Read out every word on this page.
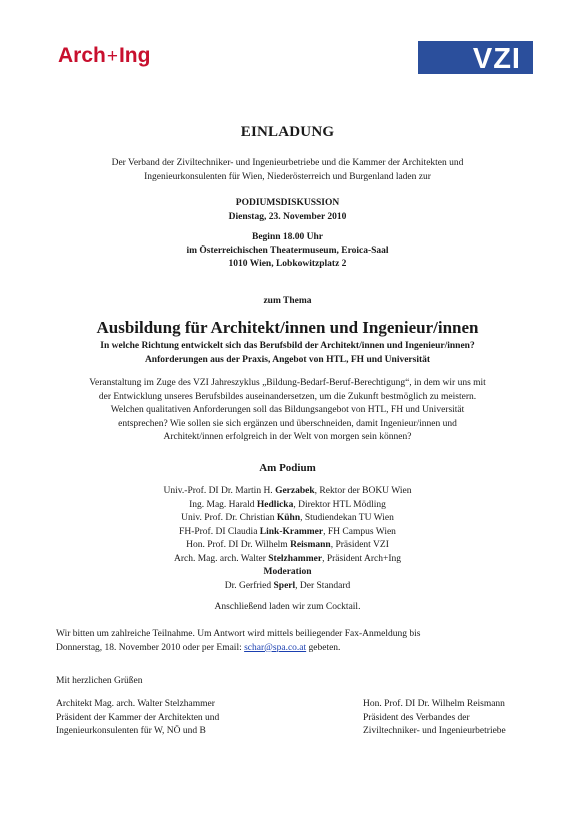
Arch+Ing	VZI
EINLADUNG
Der Verband der Ziviltechniker- und Ingenieurbetriebe und die Kammer der Architekten und
Ingenieurkonsulenten für Wien, Niederösterreich und Burgenland laden zur
PODIUMSDISKUSSION
Dienstag, 23. November 2010
Beginn 18.00 Uhr
im Österreichischen Theatermuseum, Eroica-Saal
1010 Wien, Lobkowitzplatz 2
zum Thema
Ausbildung für Architekt/innen und Ingenieur/innen
In welche Richtung entwickelt sich das Berufsbild der Architekt/innen und Ingenieur/innen?
Anforderungen aus der Praxis, Angebot von HTL, FH und Universität
Veranstaltung im Zuge des VZI Jahreszyklus „Bildung-Bedarf-Beruf-Berechtigung“, in dem wir uns mit
der Entwicklung unseres Berufsbildes auseinandersetzen, um die Zukunft bestmöglich zu meistern.
Welchen qualitativen Anforderungen soll das Bildungsangebot von HTL, FH und Universität
entsprechen? Wie sollen sie sich ergänzen und überschneiden, damit Ingenieur/innen und
Architekt/innen erfolgreich in der Welt von morgen sein können?
Am Podium
Univ.-Prof. DI Dr. Martin H. Gerzabek, Rektor der BOKU Wien
Ing. Mag. Harald Hedlicka, Direktor HTL Mödling
Univ. Prof. Dr. Christian Kühn, Studiendekan TU Wien
FH-Prof. DI Claudia Link-Krammer, FH Campus Wien
Hon. Prof. DI Dr. Wilhelm Reismann, Präsident VZI
Arch. Mag. arch. Walter Stelzhammer, Präsident Arch+Ing
Moderation
Dr. Gerfried Sperl, Der Standard
Anschließend laden wir zum Cocktail.
Wir bitten um zahlreiche Teilnahme. Um Antwort wird mittels beiliegender Fax-Anmeldung bis
Donnerstag, 18. November 2010 oder per Email: schar@spa.co.at gebeten.
Mit herzlichen Grüßen
Architekt Mag. arch. Walter Stelzhammer
Präsident der Kammer der Architekten und
Ingenieurkonsulenten für W, NÖ und B
Hon. Prof. DI Dr. Wilhelm Reismann
Präsident des Verbandes der
Ziviltechniker- und Ingenieurbetriebe
